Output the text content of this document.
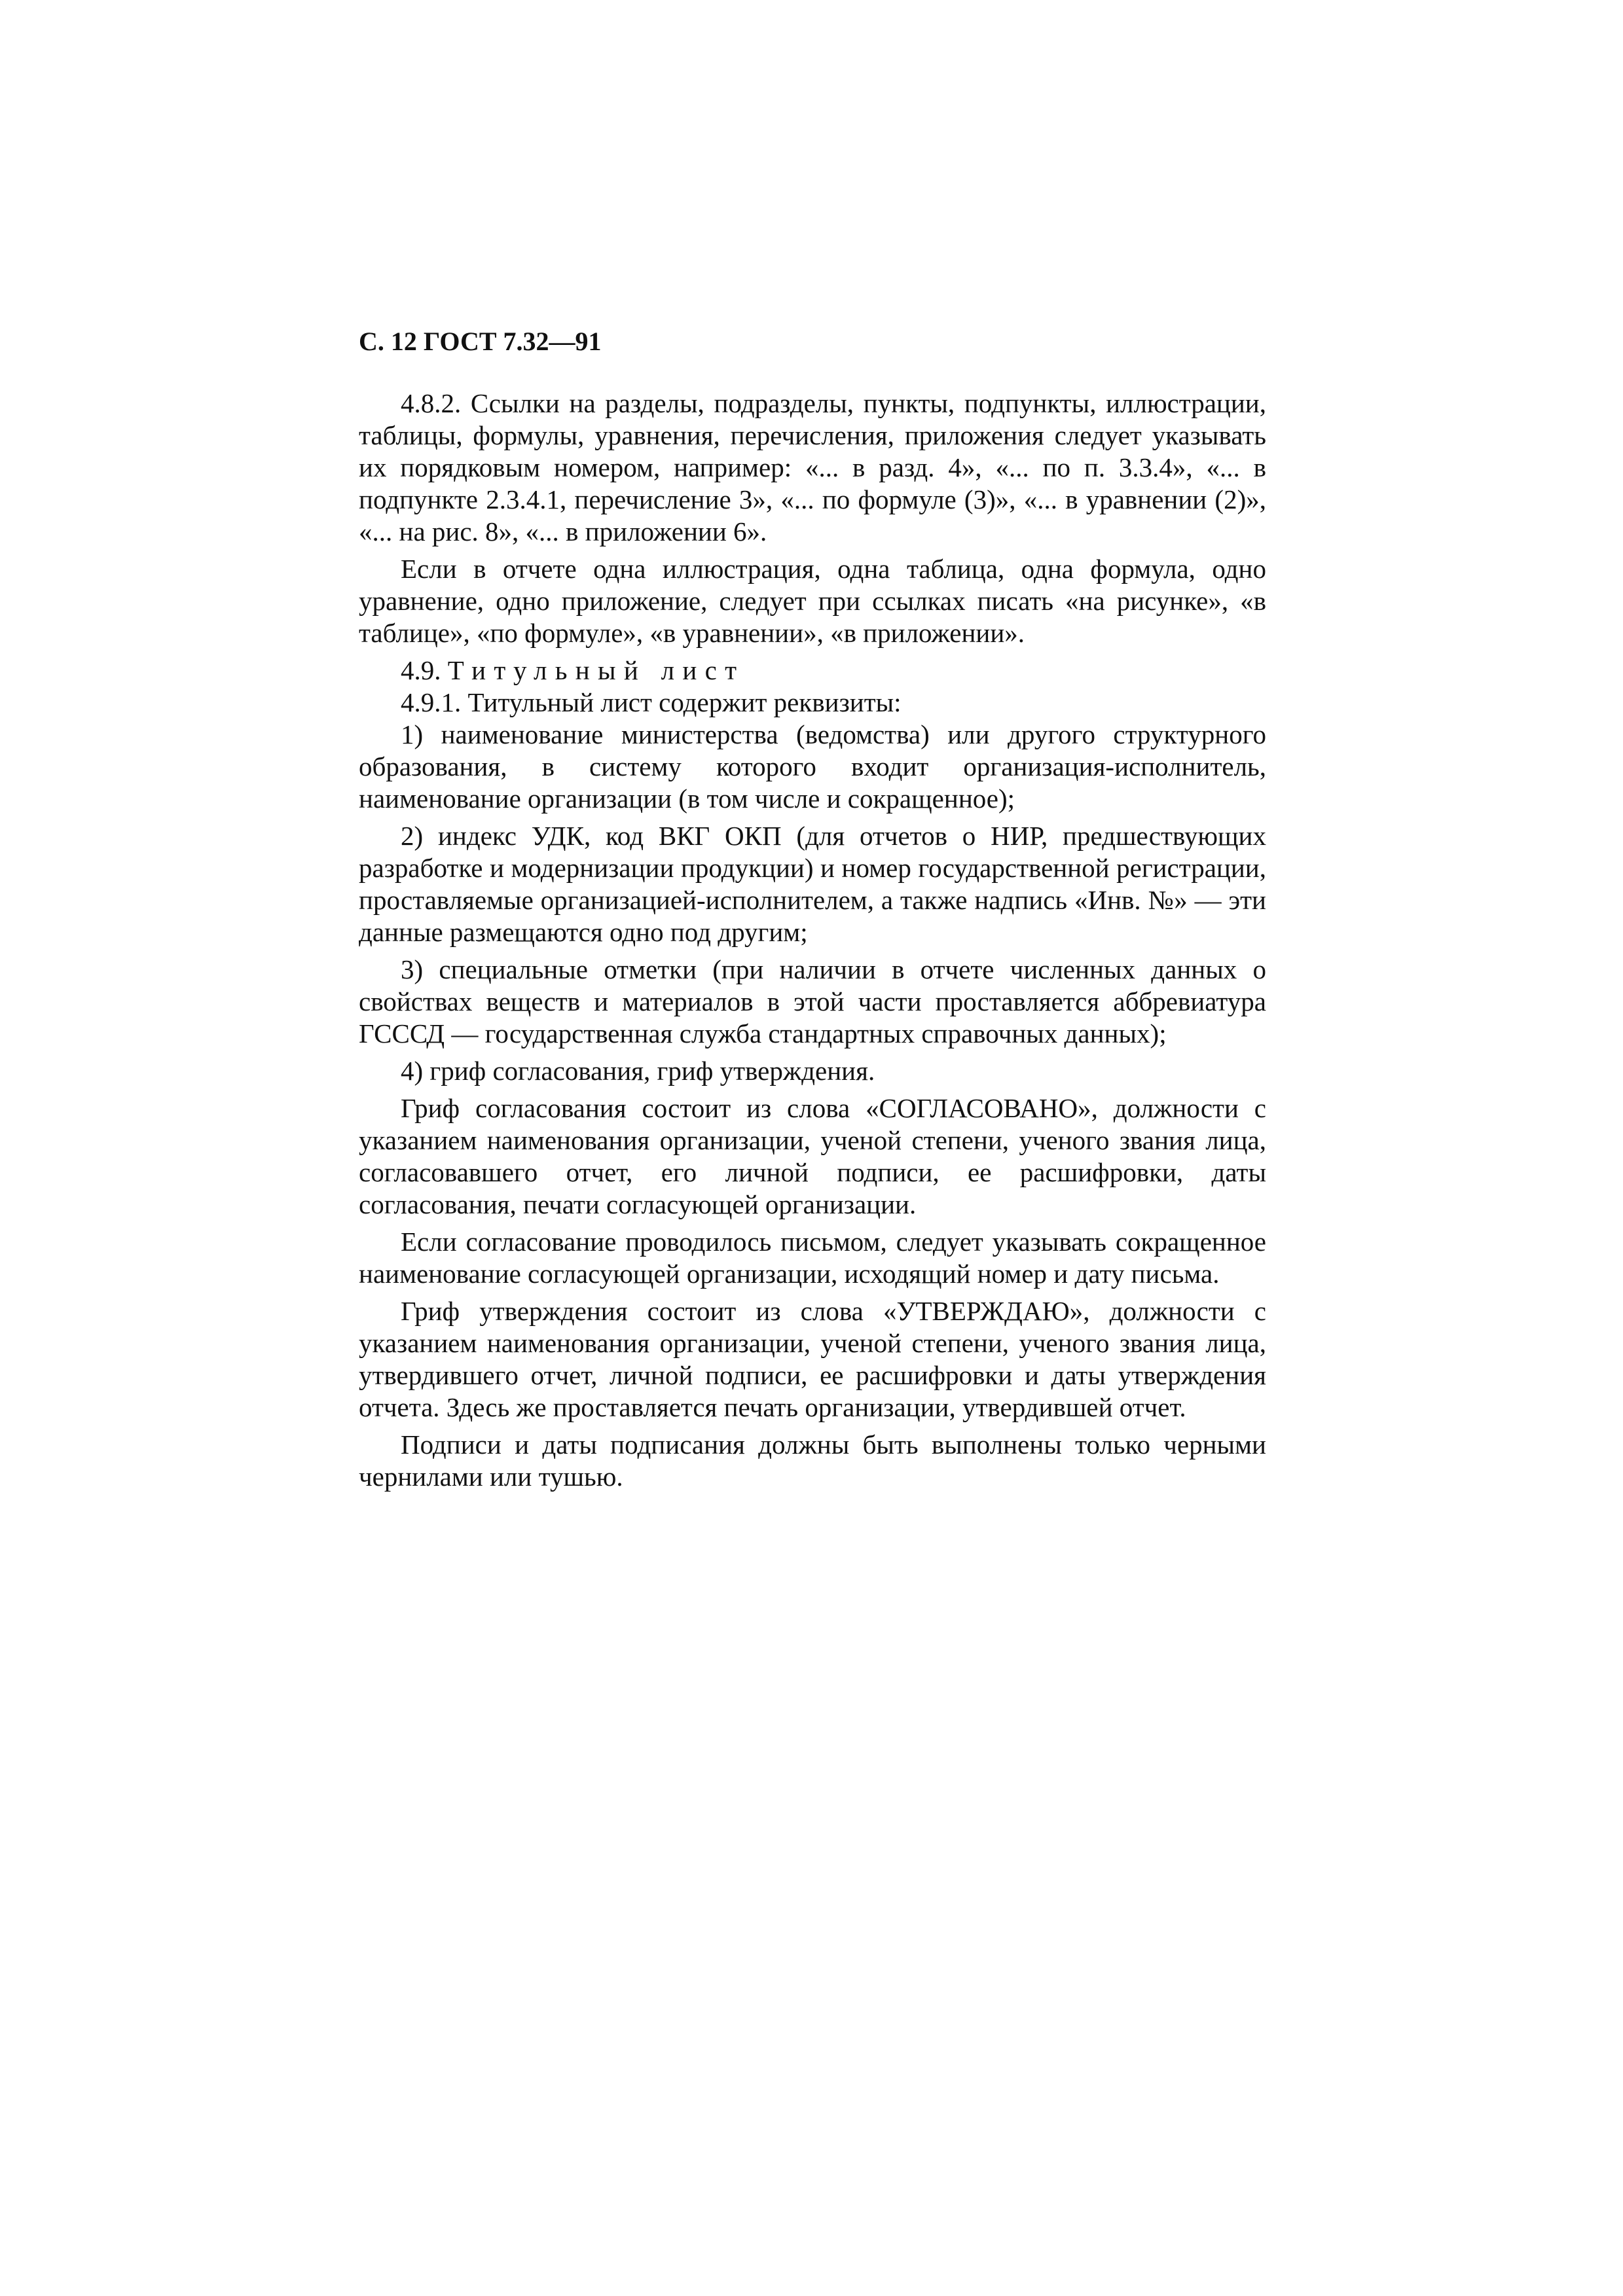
С. 12 ГОСТ 7.32—91

4.8.2. Ссылки на разделы, подразделы, пункты, подпункты, иллюстрации, таблицы, формулы, уравнения, перечисления, приложения следует указывать их порядковым номером, например: «... в разд. 4», «... по п. 3.3.4», «... в подпункте 2.3.4.1, перечисление 3», «... по формуле (3)», «... в уравнении (2)», «... на рис. 8», «... в приложении 6».

Если в отчете одна иллюстрация, одна таблица, одна формула, одно уравнение, одно приложение, следует при ссылках писать «на рисунке», «в таблице», «по формуле», «в уравнении», «в приложении».

4.9. Титульный лист

4.9.1. Титульный лист содержит реквизиты:

1) наименование министерства (ведомства) или другого структурного образования, в систему которого входит организация-исполнитель, наименование организации (в том числе и сокращенное);

2) индекс УДК, код ВКГ ОКП (для отчетов о НИР, предшествующих разработке и модернизации продукции) и номер государственной регистрации, проставляемые организацией-исполнителем, а также надпись «Инв. №» — эти данные размещаются одно под другим;

3) специальные отметки (при наличии в отчете численных данных о свойствах веществ и материалов в этой части проставляется аббревиатура ГСССД — государственная служба стандартных справочных данных);

4) гриф согласования, гриф утверждения.

Гриф согласования состоит из слова «СОГЛАСОВАНО», должности с указанием наименования организации, ученой степени, ученого звания лица, согласовавшего отчет, его личной подписи, ее расшифровки, даты согласования, печати согласующей организации.

Если согласование проводилось письмом, следует указывать сокращенное наименование согласующей организации, исходящий номер и дату письма.

Гриф утверждения состоит из слова «УТВЕРЖДАЮ», должности с указанием наименования организации, ученой степени, ученого звания лица, утвердившего отчет, личной подписи, ее расшифровки и даты утверждения отчета. Здесь же проставляется печать организации, утвердившей отчет.

Подписи и даты подписания должны быть выполнены только черными чернилами или тушью.
